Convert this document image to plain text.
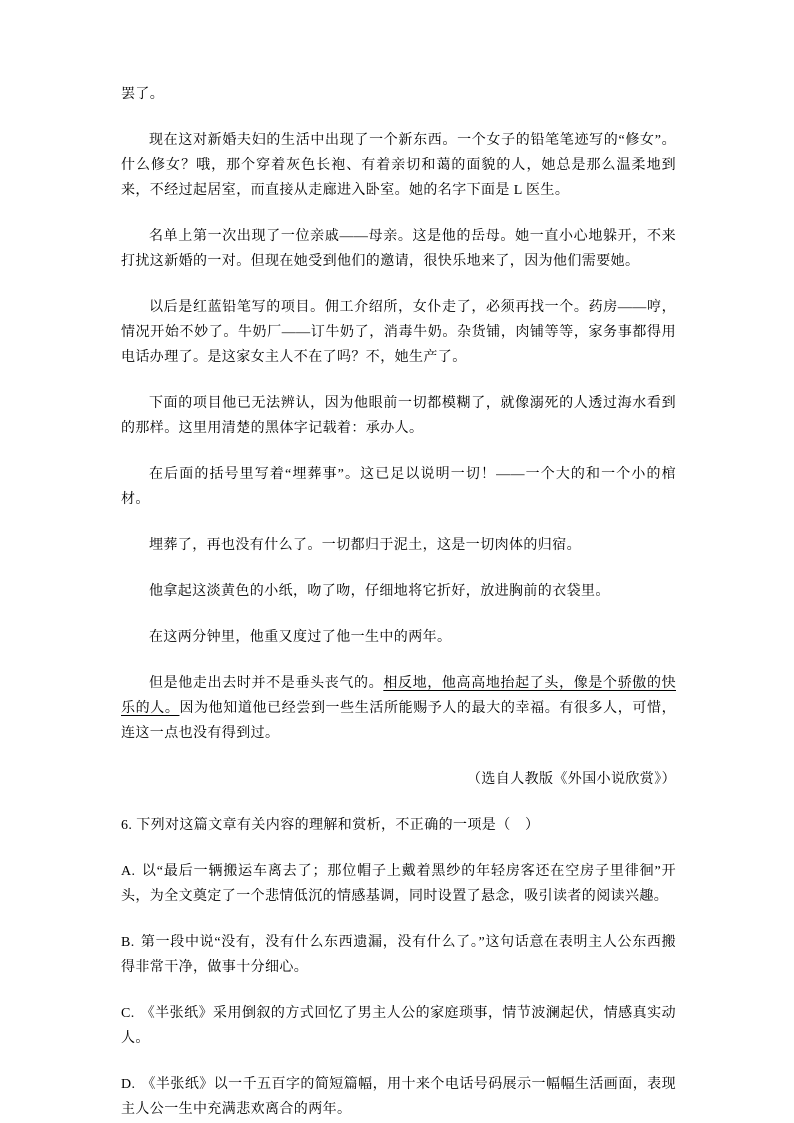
罢了。

现在这对新婚夫妇的生活中出现了一个新东西。一个女子的铅笔笔迹写的“修女”。什么修女？哦，那个穿着灰色长袍、有着亲切和蔼的面貌的人，她总是那么温柔地到来，不经过起居室，而直接从走廊进入卧室。她的名字下面是 L 医生。

名单上第一次出现了一位亲戚——母亲。这是他的岳母。她一直小心地躲开，不来打扰这新婚的一对。但现在她受到他们的邀请，很快乐地来了，因为他们需要她。

以后是红蓝铅笔写的项目。佣工介绍所，女仆走了，必须再找一个。药房——哼，情况开始不妙了。牛奶厂——订牛奶了，消毒牛奶。杂货铺，肉铺等等，家务事都得用电话办理了。是这家女主人不在了吗？不，她生产了。

下面的项目他已无法辨认，因为他眼前一切都模糊了，就像溺死的人透过海水看到的那样。这里用清楚的黑体字记载着：承办人。

在后面的括号里写着“埋葬事”。这已足以说明一切！——一个大的和一个小的棺材。

埋葬了，再也没有什么了。一切都归于泥土，这是一切肉体的归宿。

他拿起这淡黄色的小纸，吻了吻，仔细地将它折好，放进胸前的衣袋里。

在这两分钟里，他重又度过了他一生中的两年。

但是他走出去时并不是垂头丧气的。相反地，他高高地抬起了头，像是个骄傲的快乐的人。因为他知道他已经尝到一些生活所能赐予人的最大的幸福。有很多人，可惜，连这一点也没有得到过。

（选自人教版《外国小说欣赏》）

6. 下列对这篇文章有关内容的理解和赏析，不正确的一项是（　）

A. 以“最后一辆搬运车离去了；那位帽子上戴着黑纱的年轻房客还在空房子里徘徊”开头，为全文奠定了一个悲情低沉的情感基调，同时设置了悬念，吸引读者的阅读兴趣。

B. 第一段中说“没有，没有什么东西遗漏，没有什么了。”这句话意在表明主人公东西搬得非常干净，做事十分细心。

C. 《半张纸》采用倒叙的方式回忆了男主人公的家庭琐事，情节波澜起伏，情感真实动人。

D. 《半张纸》以一千五百字的简短篇幅，用十来个电话号码展示一幅幅生活画面，表现主人公一生中充满悲欢离合的两年。
